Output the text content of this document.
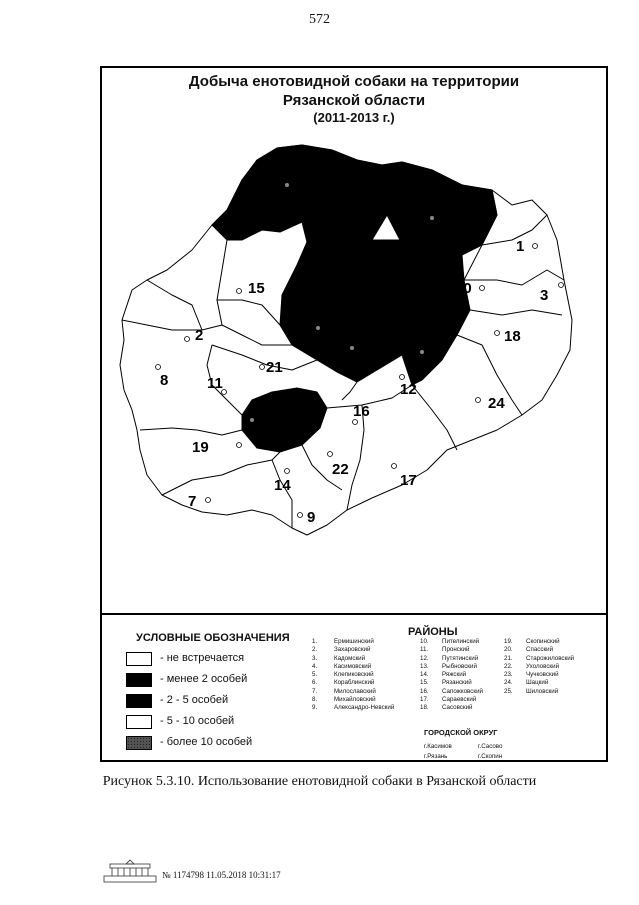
572
Добыча енотовидной собаки на территории
Рязанской области
(2011-2013 г.)
1
2
3
7
8
9
10
11	12
14
15
16
17
18
19
21
22
24
УСЛОВНЫЕ ОБОЗНАЧЕНИЯ
- не встречается
- менее 2 особей
- 2 - 5 особей
- 5 - 10 особей
- более 10 особей
РАЙОНЫ
1.	Ермишинский
2.	Захаровский
3.	Кадомский
4.	Касимовский
5.	Клепиковский
6.	Кораблинский
7.	Милославский
8.	Михайловский
9.	Александро-Невский
10. Пителинский
11. Пронский
12. Путятинский
13. Рыбновский
14. Ряжский
15. Рязанский
16. Сапожковский
17. Сараевский
18. Сасовский
19. Скопинский
20. Спасский
21. Старожиловский
22. Ухоловский
23. Чучковский
24. Шацкий
25. Шиловский
ГОРОДСКОЙ ОКРУГ
г.Касимов	г.Сасово
г.Рязань	г.Скопин
Рисунок 5.3.10. Использование енотовидной собаки в Рязанской области
№ 1174798 11.05.2018 10:31:17
